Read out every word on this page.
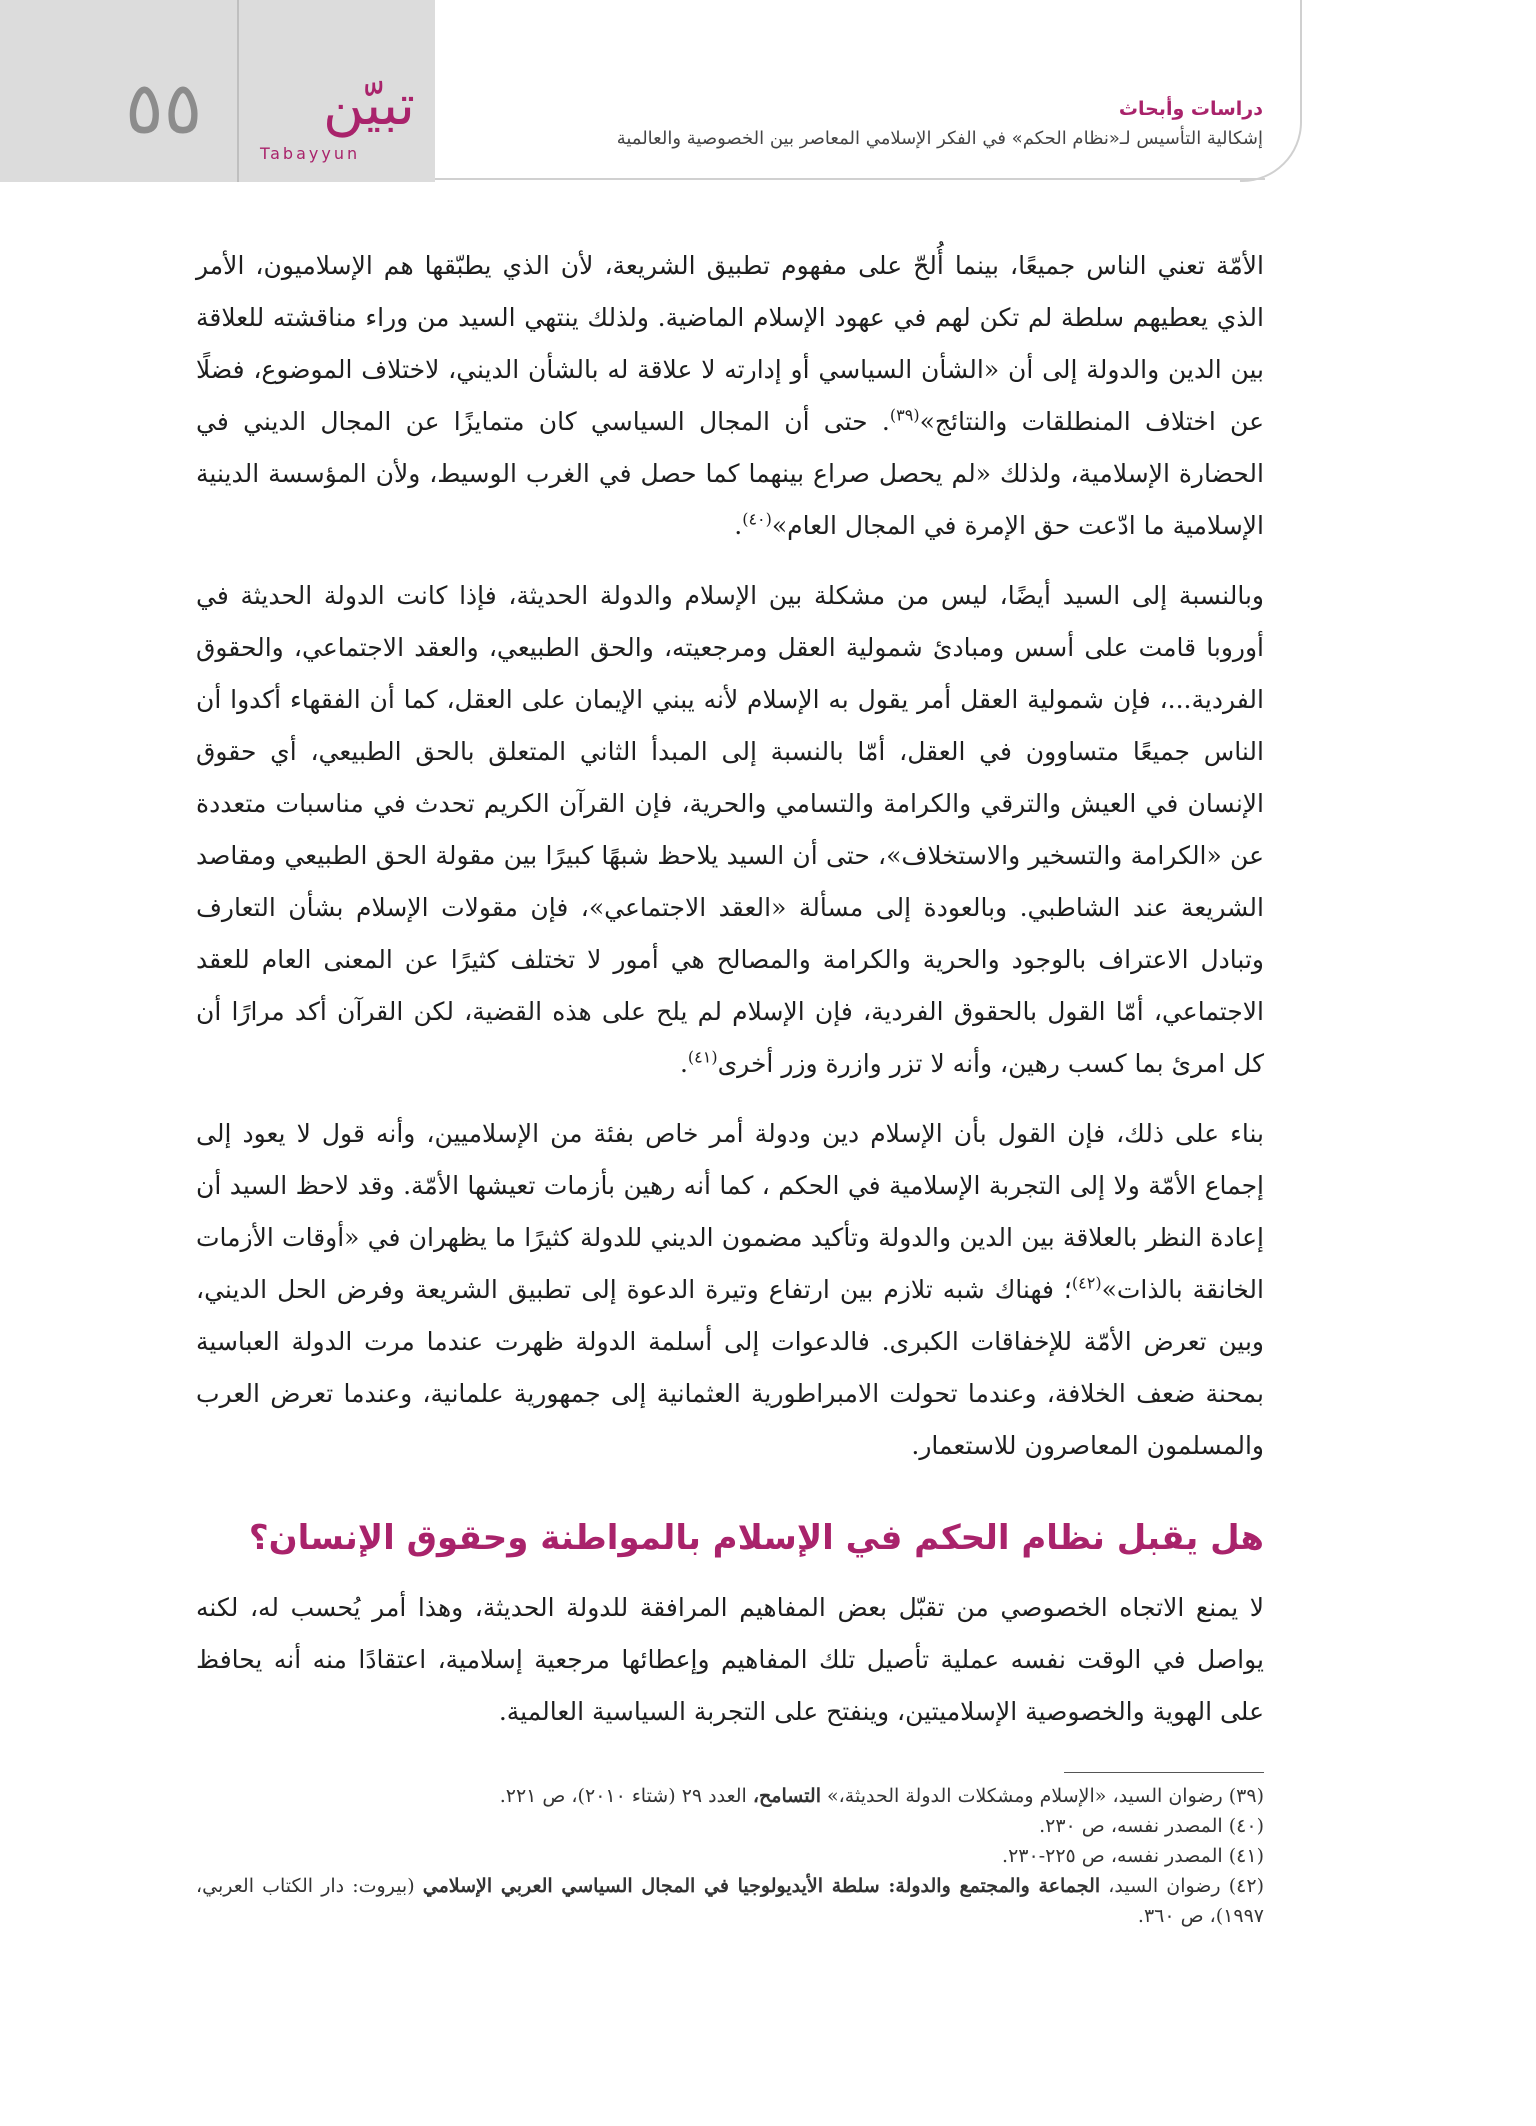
٥٥ تبيّن
Tabayyun
دراسات وأبحاث
إشكالية التأسيس لـ«نظام الحكم» في الفكر الإسلامي المعاصر بين الخصوصية والعالمية

الأمّة تعني الناس جميعًا، بينما أُلحّ على مفهوم تطبيق الشريعة، لأن الذي يطبّقها هم الإسلاميون، الأمر الذي يعطيهم سلطة لم تكن لهم في عهود الإسلام الماضية. ولذلك ينتهي السيد من وراء مناقشته للعلاقة بين الدين والدولة إلى أن «الشأن السياسي أو إدارته لا علاقة له بالشأن الديني، لاختلاف الموضوع، فضلًا عن اختلاف المنطلقات والنتائج»$^{(٣٩)}$. حتى أن المجال السياسي كان متمايزًا عن المجال الديني في الحضارة الإسلامية، ولذلك «لم يحصل صراع بينهما كما حصل في الغرب الوسيط، ولأن المؤسسة الدينية الإسلامية ما ادّعت حق الإمرة في المجال العام»$^{(٤٠)}$.

وبالنسبة إلى السيد أيضًا، ليس من مشكلة بين الإسلام والدولة الحديثة، فإذا كانت الدولة الحديثة في أوروبا قامت على أسس ومبادئ شمولية العقل ومرجعيته، والحق الطبيعي، والعقد الاجتماعي، والحقوق الفردية...، فإن شمولية العقل أمر يقول به الإسلام لأنه يبني الإيمان على العقل، كما أن الفقهاء أكدوا أن الناس جميعًا متساوون في العقل، أمّا بالنسبة إلى المبدأ الثاني المتعلق بالحق الطبيعي، أي حقوق الإنسان في العيش والترقي والكرامة والتسامي والحرية، فإن القرآن الكريم تحدث في مناسبات متعددة عن «الكرامة والتسخير والاستخلاف»، حتى أن السيد يلاحظ شبهًا كبيرًا بين مقولة الحق الطبيعي ومقاصد الشريعة عند الشاطبي. وبالعودة إلى مسألة «العقد الاجتماعي»، فإن مقولات الإسلام بشأن التعارف وتبادل الاعتراف بالوجود والحرية والكرامة والمصالح هي أمور لا تختلف كثيرًا عن المعنى العام للعقد الاجتماعي، أمّا القول بالحقوق الفردية، فإن الإسلام لم يلح على هذه القضية، لكن القرآن أكد مرارًا أن كل امرئ بما كسب رهين، وأنه لا تزر وازرة وزر أخرى$^{(٤١)}$.

بناء على ذلك، فإن القول بأن الإسلام دين ودولة أمر خاص بفئة من الإسلاميين، وأنه قول لا يعود إلى إجماع الأمّة ولا إلى التجربة الإسلامية في الحكم ، كما أنه رهين بأزمات تعيشها الأمّة. وقد لاحظ السيد أن إعادة النظر بالعلاقة بين الدين والدولة وتأكيد مضمون الديني للدولة كثيرًا ما يظهران في «أوقات الأزمات الخانقة بالذات»$^{(٤٢)}$؛ فهناك شبه تلازم بين ارتفاع وتيرة الدعوة إلى تطبيق الشريعة وفرض الحل الديني، وبين تعرض الأمّة للإخفاقات الكبرى. فالدعوات إلى أسلمة الدولة ظهرت عندما مرت الدولة العباسية بمحنة ضعف الخلافة، وعندما تحولت الامبراطورية العثمانية إلى جمهورية علمانية، وعندما تعرض العرب والمسلمون المعاصرون للاستعمار.

هل يقبل نظام الحكم في الإسلام بالمواطنة وحقوق الإنسان؟

لا يمنع الاتجاه الخصوصي من تقبّل بعض المفاهيم المرافقة للدولة الحديثة، وهذا أمر يُحسب له، لكنه يواصل في الوقت نفسه عملية تأصيل تلك المفاهيم وإعطائها مرجعية إسلامية، اعتقادًا منه أنه يحافظ على الهوية والخصوصية الإسلاميتين، وينفتح على التجربة السياسية العالمية.

(٣٩) رضوان السيد، «الإسلام ومشكلات الدولة الحديثة،» التسامح، العدد ٢٩ (شتاء ٢٠١٠)، ص ٢٢١.

(٤٠) المصدر نفسه، ص ٢٣٠.

(٤١) المصدر نفسه، ص ٢٢٥-٢٣٠.

(٤٢) رضوان السيد، الجماعة والمجتمع والدولة: سلطة الأيديولوجيا في المجال السياسي العربي الإسلامي (بيروت: دار الكتاب العربي، ١٩٩٧)، ص ٣٦٠.
